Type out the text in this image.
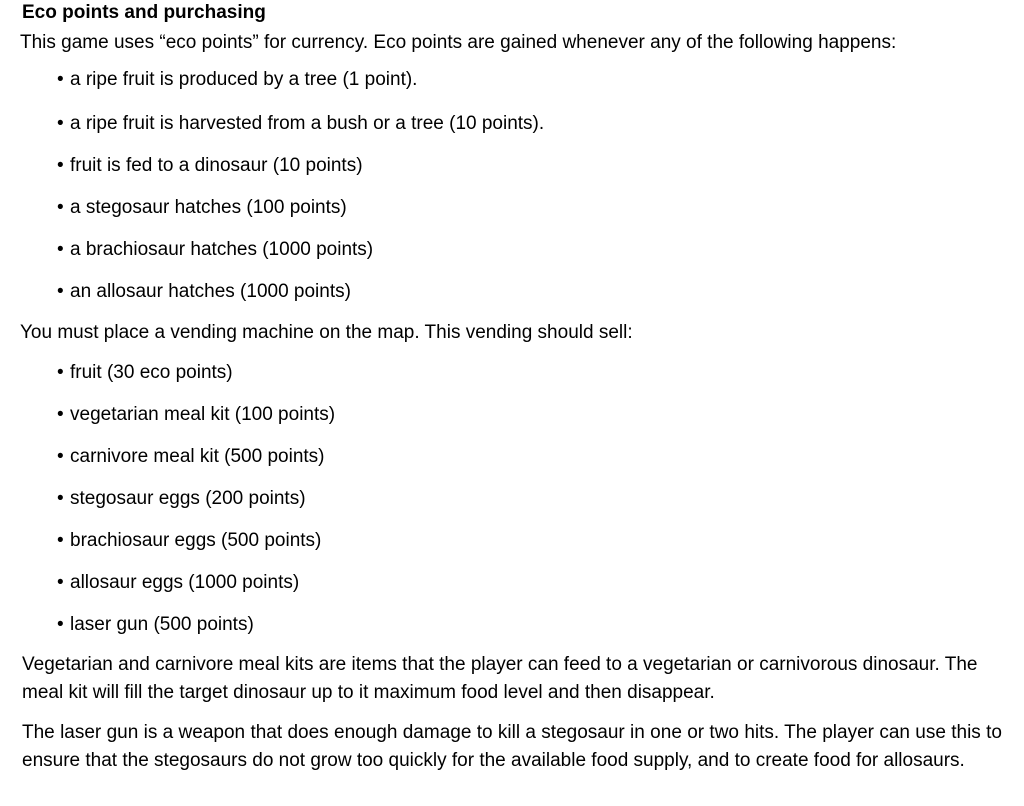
Eco points and purchasing
This game uses “eco points” for currency. Eco points are gained whenever any of the following happens:
• a ripe fruit is produced by a tree (1 point).
• a ripe fruit is harvested from a bush or a tree (10 points).
• fruit is fed to a dinosaur (10 points)
• a stegosaur hatches (100 points)
• a brachiosaur hatches (1000 points)
• an allosaur hatches (1000 points)
You must place a vending machine on the map. This vending should sell:
• fruit (30 eco points)
• vegetarian meal kit (100 points)
• carnivore meal kit (500 points)
• stegosaur eggs (200 points)
• brachiosaur eggs (500 points)
• allosaur eggs (1000 points)
• laser gun (500 points)
Vegetarian and carnivore meal kits are items that the player can feed to a vegetarian or carnivorous dinosaur. The meal kit will fill the target dinosaur up to it maximum food level and then disappear.
The laser gun is a weapon that does enough damage to kill a stegosaur in one or two hits. The player can use this to ensure that the stegosaurs do not grow too quickly for the available food supply, and to create food for allosaurs.
